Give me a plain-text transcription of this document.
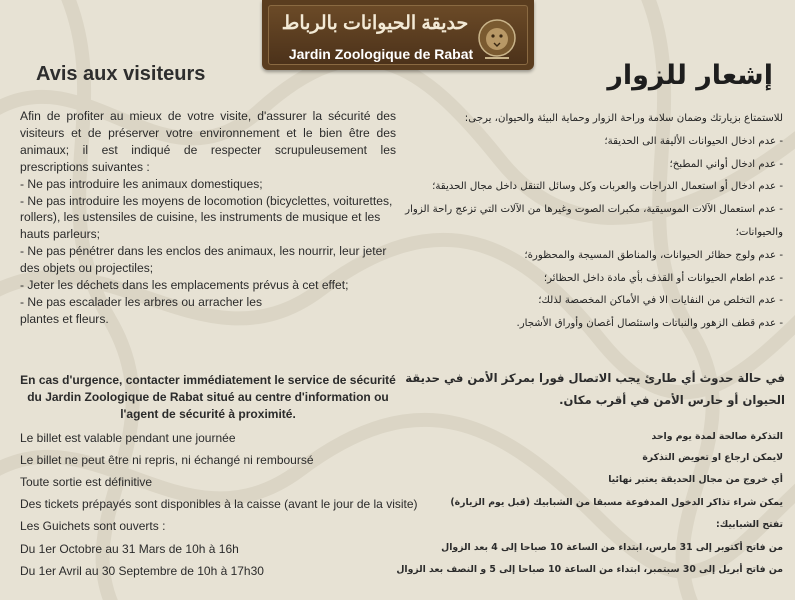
حديقة الحيوانات بالرباط
Jardin Zoologique de Rabat
Avis aux visiteurs	إشعار للزوار

Afin de profiter au mieux de votre visite, d'assurer la sécurité des visiteurs et de préserver votre environnement et le bien être des animaux; il est indiqué de respecter scrupuleusement les prescriptions suivantes :

- Ne pas introduire les animaux domestiques;

- Ne pas introduire les moyens de locomotion (bicyclettes, voiturettes, rollers), les ustensiles de cuisine, les instruments de musique et les hauts parleurs;

- Ne pas pénétrer dans les enclos des animaux, les nourrir, leur jeter des objets ou projectiles;

- Jeter les déchets dans les emplacements prévus à cet effet;

- Ne pas escalader les arbres ou arracher les plantes et fleurs.

En cas d'urgence, contacter immédiatement le service de sécurité du Jardin Zoologique de Rabat situé au centre d'information ou l'agent de sécurité à proximité.
Le billet est valable pendant une journée
Le billet ne peut être ni repris, ni échangé ni remboursé
Toute sortie est définitive
Des tickets prépayés sont disponibles à la caisse (avant le jour de la visite)
Les Guichets sont ouverts :
Du 1er Octobre au 31 Mars de 10h à 16h
Du 1er Avril au 30 Septembre de 10h à 17h30

للاستمتاع بزيارتك وضمان سلامة وراحة الزوار وحماية البيئة والحيوان، يرجى:

- عدم ادخال الحيوانات الأليفة الى الحديقة؛

- عدم ادخال أواني المطبخ؛

- عدم ادخال أو استعمال الدراجات والعربات وكل وسائل التنقل داخل مجال الحديقة؛

- عدم استعمال الآلات الموسيقية، مكبرات الصوت وغيرها من الآلات التي تزعج راحة الزوار والحيوانات؛

- عدم ولوج حظائر الحيوانات، والمناطق المسيجة والمحظورة؛

- عدم اطعام الحيوانات أو القذف بأي مادة داخل الحظائر؛

- عدم التخلص من النفايات الا في الأماكن المخصصة لذلك؛

- عدم قطف الزهور والنباتات واستئصال أغصان وأوراق الأشجار.

في حالة حدوث أي طارئ يجب الاتصال فورا بمركز الأمن في حديقة الحيوان أو حارس الأمن في أقرب مكان.
التذكرة صالحة لمدة يوم واحد
لايمكن ارجاع او تعويض التذكرة
أي خروج من مجال الحديقة يعتبر نهائيا
يمكن شراء تذاكر الدخول المدفوعة مسبقا من الشبابيك (قبل يوم الزيارة)
تفتح الشبابيك:
من فاتح أكتوبر إلى 31 مارس، ابتداء من الساعة 10 صباحا إلى 4 بعد الزوال
من فاتح أبريل إلى 30 سبتمبر، ابتداء من الساعة 10 صباحا إلى 5 و النصف بعد الزوال
